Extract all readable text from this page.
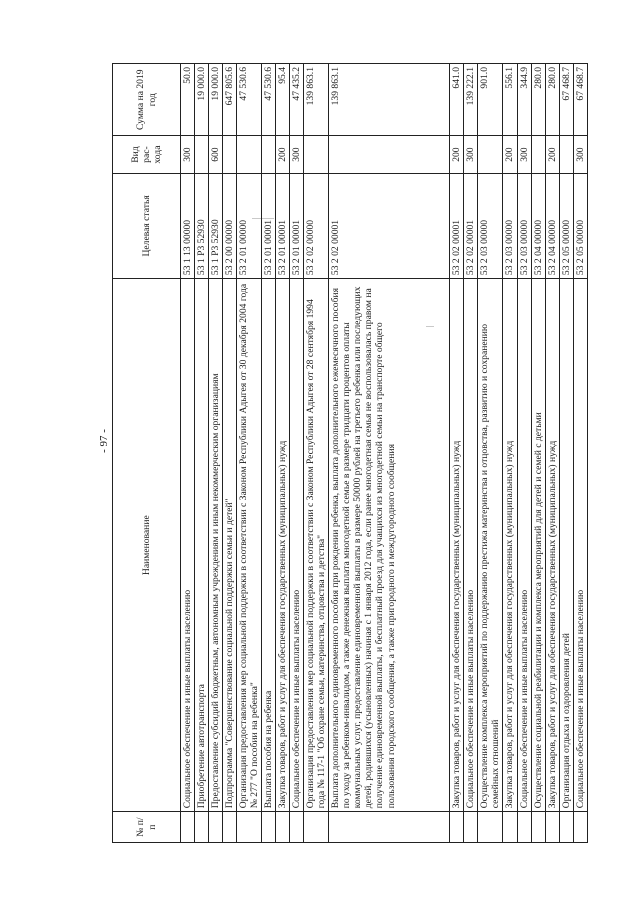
- 97 -
№ п/п	Наименование	Целевая статья	Вид рас- хода	Сумма на 2019 год
	Социальное обеспечение и иные выплаты населению	53 1 13 00000	300	50.0
	Приобретение автотранспорта	53 1 P3 52930		19 000.0
	Предоставление субсидий бюджетным, автономным учреждениям и иным некоммерческим организациям	53 1 P3 52930	600	19 000.0
	Подпрограмма "Совершенствование социальной поддержки семьи и детей"	53 2 00 00000		647 805.6
	Организация предоставления мер социальной поддержки в соответствии с Законом Республики Адыгея от 30 декабря 2004 года № 277 "О пособии на ребенка"	53 2 01 00000		47 530.6
	Выплата пособия на ребенка	53 2 01 00001		47 530.6
	Закупка товаров, работ и услуг для обеспечения государственных (муниципальных) нужд	53 2 01 00001	200	95.4
	Социальное обеспечение и иные выплаты населению	53 2 01 00001	300	47 435.2
	Организация предоставления мер социальной поддержки в соответствии с Законом Республики Адыгея от 28 сентября 1994 года № 117-1 "Об охране семьи, материнства, отцовства и детства"	53 2 02 00000		139 863.1
	Выплата дополнительного единовременного пособия при рождении ребенка, выплата дополнительного ежемесячного пособия по уходу за ребенком-инвалидом, а также денежная выплата многодетной семье в размере тридцати процентов оплаты коммунальных услуг, предоставление единовременной выплаты в размере 50000 рублей на третьего ребенка или последующих детей, родившихся (усыновленных) начиная с 1 января 2012 года, если ранее многодетная семья не воспользовалась правом на получение единовременной выплаты, и бесплатный проезд для учащихся из многодетной семьи на транспорте общего пользования городского сообщения, а также пригородного и междугородного сообщения	53 2 02 00001		139 863.1
	Закупка товаров, работ и услуг для обеспечения государственных (муниципальных) нужд	53 2 02 00001	200	641.0
	Социальное обеспечение и иные выплаты населению	53 2 02 00001	300	139 222.1
	Осуществление комплекса мероприятий по поддержанию престижа материнства и отцовства, развитию и сохранению семейных отношений	53 2 03 00000		901.0
	Закупка товаров, работ и услуг для обеспечения государственных (муниципальных) нужд	53 2 03 00000	200	556.1
	Социальное обеспечение и иные выплаты населению	53 2 03 00000	300	344.9
	Осуществление социальной реабилитации и комплекса мероприятий для детей и семей с детьми	53 2 04 00000		280.0
	Закупка товаров, работ и услуг для обеспечения государственных (муниципальных) нужд	53 2 04 00000	200	280.0
	Организация отдыха и оздоровления детей	53 2 05 00000		67 468.7
	Социальное обеспечение и иные выплаты населению	53 2 05 00000	300	67 468.7
